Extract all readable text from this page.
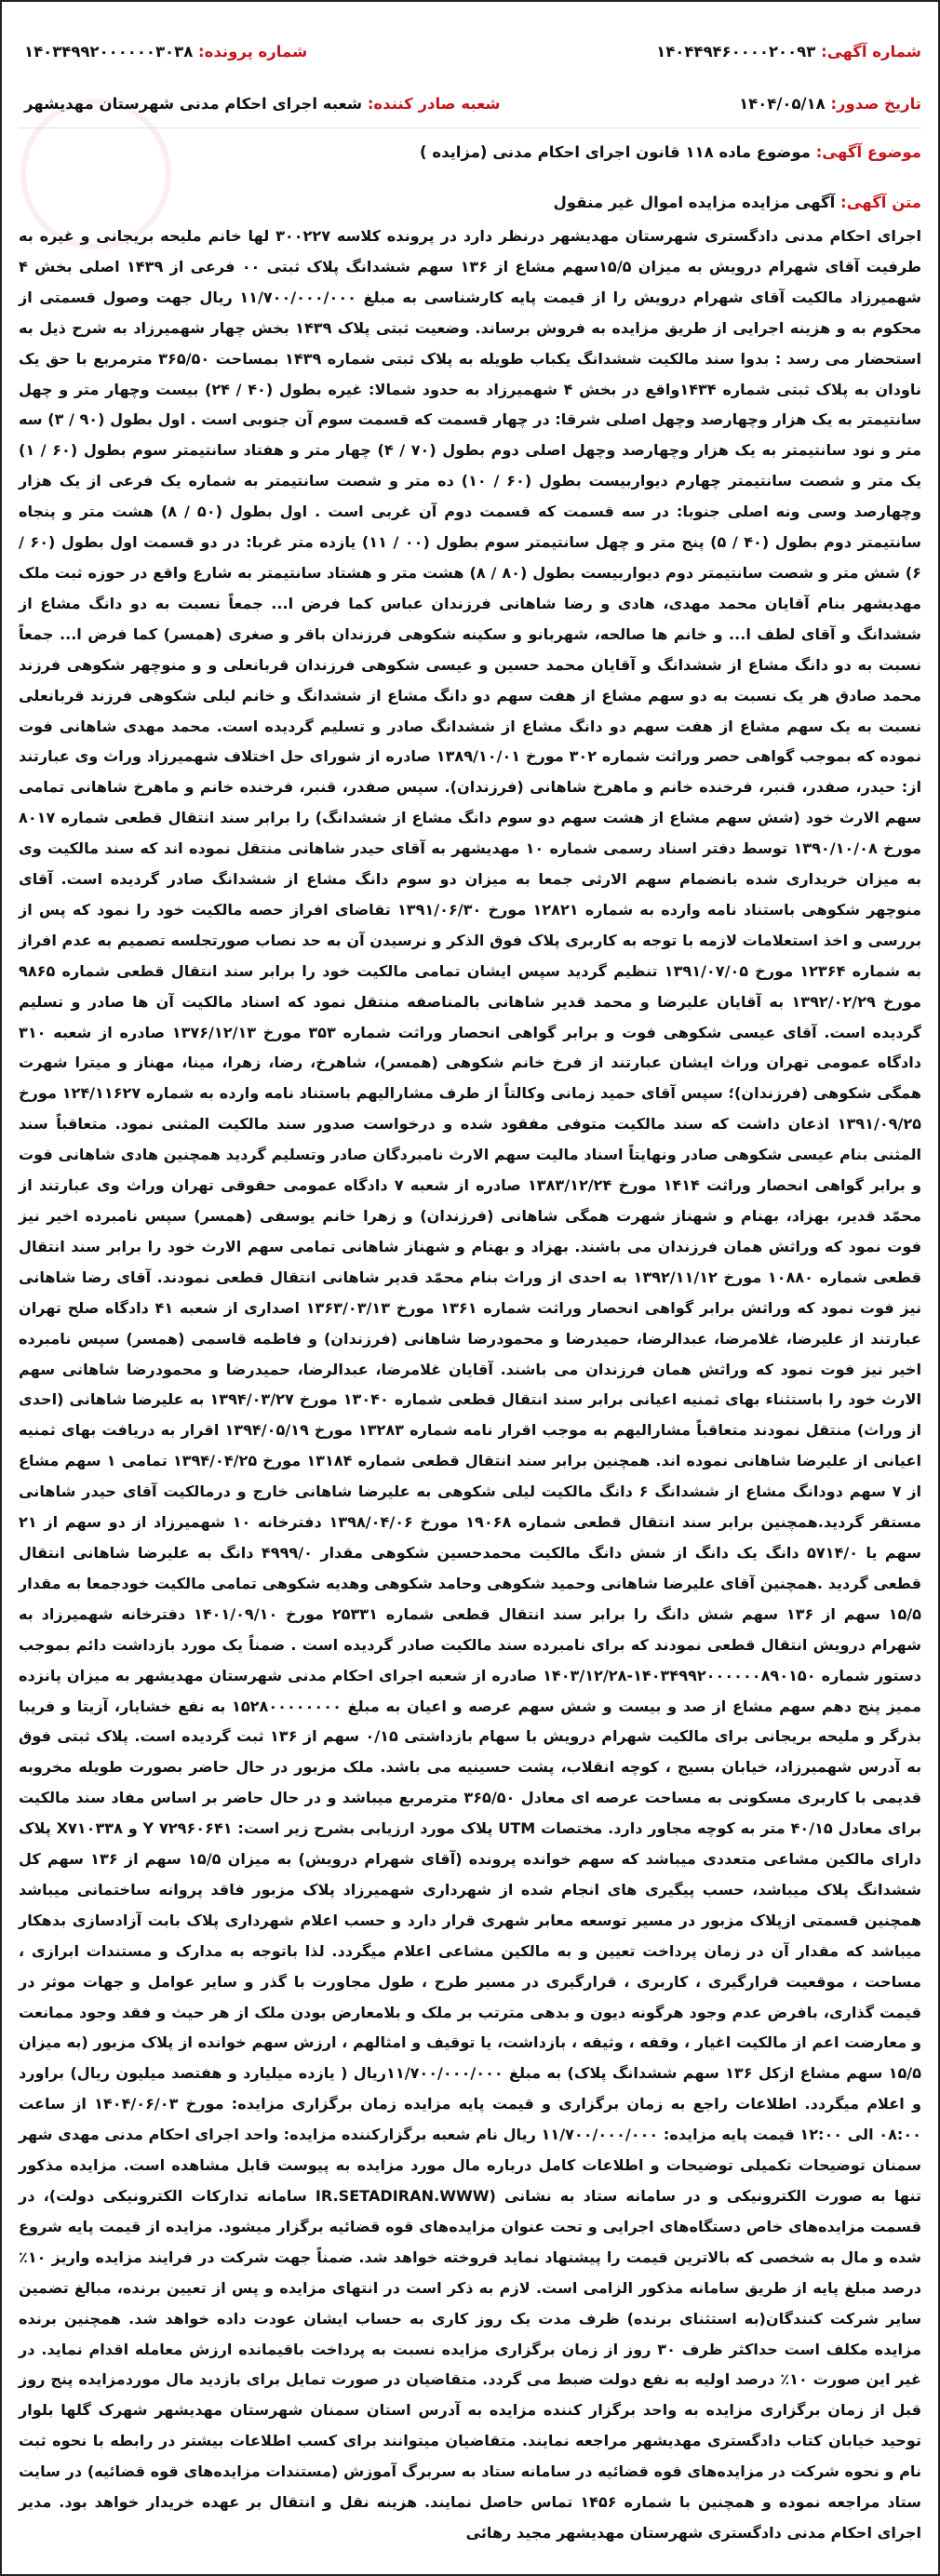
شماره آگهی: ۱۴۰۴۴۹۴۶۰۰۰۰۲۰۰۹۳
شماره پرونده: ۱۴۰۳۴۹۹۲۰۰۰۰۰۰۳۰۳۸
تاریخ صدور: ۱۴۰۴/۰۵/۱۸
شعبه صادر کننده: شعبه اجرای احکام مدنی شهرستان مهدیشهر
موضوع آگهی: موضوع ماده ۱۱۸ قانون اجرای احکام مدنی (مزایده )
متن آگهی: آگهی مزایده مزایده اموال غیر منقول
اجرای احکام مدنی دادگستری شهرستان مهدیشهر درنظر دارد در پرونده کلاسه ۳۰۰۲۲۷ لها خانم ملیحه بریجانی و غیره به طرفیت آقای شهرام درویش به میزان ۱۵/۵سهم مشاع از ۱۳۶ سهم ششدانگ پلاک ثبتی ۰۰ فرعی از ۱۴۳۹ اصلی بخش ۴ شهمیرزاد مالکیت آقای شهرام درویش را از قیمت پایه کارشناسی به مبلغ ۱۱/۷۰۰/۰۰۰/۰۰۰ ریال جهت وصول قسمتی از محکوم به و هزینه اجرایی از طریق مزایده به فروش برساند. وضعیت ثبتی پلاک ۱۴۳۹ بخش چهار شهمیرزاد به شرح ذیل به استحضار می رسد : بدوا سند مالکیت ششدانگ یکباب طویله به پلاک ثبتی شماره ۱۴۳۹ بمساحت ۳۶۵/۵۰ مترمربع با حق یک ناودان به پلاک ثبتی شماره ۱۴۳۴واقع در بخش ۴ شهمیرزاد به حدود شمالا: غیره بطول (۴۰ / ۲۴) بیست وچهار متر و چهل سانتیمتر به یک هزار وچهارصد وچهل اصلی شرقا: در چهار قسمت که قسمت سوم آن جنوبی است . اول بطول (۹۰ / ۳) سه متر و نود سانتیمتر به یک هزار وچهارصد وچهل اصلی دوم بطول (۷۰ / ۴) چهار متر و هفتاد سانتیمتر سوم بطول (۶۰ / ۱) یک متر و شصت سانتیمتر چهارم دیواربیست بطول (۶۰ / ۱۰) ده متر و شصت سانتیمتر به شماره یک فرعی از یک هزار وچهارصد وسی ونه اصلی جنوبا: در سه قسمت که قسمت دوم آن غربی است . اول بطول (۵۰ / ۸) هشت متر و پنجاه سانتیمتر دوم بطول (۴۰ / ۵) پنج متر و چهل سانتیمتر سوم بطول (۰۰ / ۱۱) یازده متر غربا: در دو قسمت اول بطول (۶۰ / ۶) شش متر و شصت سانتیمتر دوم دیواربیست بطول (۸۰ / ۸) هشت متر و هشتاد سانتیمتر به شارع واقع در حوزه ثبت ملک مهدیشهر بنام آقایان محمد مهدی، هادی و رضا شاهانی فرزندان عباس کما فرض ا... جمعاً نسبت به دو دانگ مشاع از ششدانگ و آقای لطف ا... و خانم ها صالحه، شهربانو و سکینه شکوهی فرزندان باقر و صغری (همسر) کما فرض ا... جمعاً نسبت به دو دانگ مشاع از ششدانگ و آقایان محمد حسین و عیسی شکوهی فرزندان قربانعلی و و منوچهر شکوهی فرزند محمد صادق هر یک نسبت به دو سهم مشاع از هفت سهم دو دانگ مشاع از ششدانگ و خانم لیلی شکوهی فرزند قربانعلی نسبت به یک سهم مشاع از هفت سهم دو دانگ مشاع از ششدانگ صادر و تسلیم گردیده است. محمد مهدی شاهانی فوت نموده که بموجب گواهی حصر وراثت شماره ۳۰۲ مورخ ۱۳۸۹/۱۰/۰۱ صادره از شورای حل اختلاف شهمیرزاد وراث وی عبارتند از: حیدر، صفدر، قنبر، فرخنده خانم و ماهرخ شاهانی (فرزندان). سپس صفدر، قنبر، فرخنده خانم و ماهرخ شاهانی تمامی سهم الارث خود (شش سهم مشاع از هشت سهم دو سوم دانگ مشاع از ششدانگ) را برابر سند انتقال قطعی شماره ۸۰۱۷ مورخ ۱۳۹۰/۱۰/۰۸ توسط دفتر اسناد رسمی شماره ۱۰ مهدیشهر به آقای حیدر شاهانی منتقل نموده اند که سند مالکیت وی به میزان خریداری شده بانضمام سهم الارثی جمعا به میزان دو سوم دانگ مشاع از ششدانگ صادر گردیده است. آقای منوچهر شکوهی باستناد نامه وارده به شماره ۱۲۸۲۱ مورخ ۱۳۹۱/۰۶/۳۰ تقاضای افراز حصه مالکیت خود را نمود که پس از بررسی و اخذ استعلامات لازمه با توجه به کاربری پلاک فوق الذکر و نرسیدن آن به حد نصاب صورتجلسه تصمیم به عدم افراز به شماره ۱۲۳۶۴ مورخ ۱۳۹۱/۰۷/۰۵ تنظیم گردید سپس ایشان تمامی مالکیت خود را برابر سند انتقال قطعی شماره ۹۸۶۵ مورخ ۱۳۹۲/۰۲/۲۹ به آقایان علیرضا و محمد قدیر شاهانی بالمناصفه منتقل نمود که اسناد مالکیت آن ها صادر و تسلیم گردیده است. آقای عیسی شکوهی فوت و برابر گواهی انحصار وراثت شماره ۳۵۳ مورخ ۱۳۷۶/۱۲/۱۳ صادره از شعبه ۳۱۰ دادگاه عمومی تهران وراث ایشان عبارتند از فرخ خانم شکوهی (همسر)، شاهرخ، رضا، زهرا، مینا، مهناز و میترا شهرت همگی شکوهی (فرزندان)؛ سپس آقای حمید زمانی وکالتاً از طرف مشارالیهم باستناد نامه وارده به شماره ۱۲۴/۱۱۶۲۷ مورخ ۱۳۹۱/۰۹/۲۵ اذعان داشت که سند مالکیت متوفی مفقود شده و درخواست صدور سند مالکیت المثنی نمود. متعاقباً سند المثنی بنام عیسی شکوهی صادر ونهایتاً اسناد مالیت سهم الارث نامبردگان صادر وتسلیم گردید همچنین هادی شاهانی فوت و برابر گواهی انحصار وراثت ۱۴۱۴ مورخ ۱۳۸۳/۱۲/۲۴ صادره از شعبه ۷ دادگاه عمومی حقوقی تهران وراث وی عبارتند از محمّد قدیر، بهزاد، بهنام و شهناز شهرت همگی شاهانی (فرزندان) و زهرا خانم یوسفی (همسر) سپس نامبرده اخیر نیز فوت نمود که وراثش همان فرزندان می باشند. بهزاد و بهنام و شهناز شاهانی تمامی سهم الارث خود را برابر سند انتقال قطعی شماره ۱۰۸۸۰ مورخ ۱۳۹۲/۱۱/۱۲ به احدی از وراث بنام محمّد قدیر شاهانی انتقال قطعی نمودند. آقای رضا شاهانی نیز فوت نمود که وراثش برابر گواهی انحصار وراثت شماره ۱۳۶۱ مورخ ۱۳۶۳/۰۳/۱۳ اصداری از شعبه ۴۱ دادگاه صلح تهران عبارتند از علیرضا، غلامرضا، عبدالرضا، حمیدرضا و محمودرضا شاهانی (فرزندان) و فاطمه قاسمی (همسر) سپس نامبرده اخیر نیز فوت نمود که وراثش همان فرزندان می باشند. آقایان غلامرضا، عبدالرضا، حمیدرضا و محمودرضا شاهانی سهم الارث خود را باستثناء بهای ثمنیه اعیانی برابر سند انتقال قطعی شماره ۱۳۰۴۰ مورخ ۱۳۹۴/۰۳/۲۷ به علیرضا شاهانی (احدی از وراث) منتقل نمودند متعاقباً مشارالیهم به موجب اقرار نامه شماره ۱۳۲۸۳ مورخ ۱۳۹۴/۰۵/۱۹ اقرار به دریافت بهای ثمنیه اعیانی از علیرضا شاهانی نموده اند. همچنین برابر سند انتقال قطعی شماره ۱۳۱۸۴ مورخ ۱۳۹۴/۰۴/۲۵ تمامی ۱ سهم مشاع از ۷ سهم دودانگ مشاع از ششدانگ ۶ دانگ مالکیت لیلی شکوهی به علیرضا شاهانی خارج و درمالکیت آقای حیدر شاهانی مستقر گردید.همچنین برابر سند انتقال قطعی شماره ۱۹۰۶۸ مورخ ۱۳۹۸/۰۴/۰۶ دفترخانه ۱۰ شهمیرزاد از دو سهم از ۲۱ سهم یا ۵۷۱۴/۰ دانگ یک دانگ از شش دانگ مالکیت محمدحسین شکوهی مقدار ۴۹۹۹/۰ دانگ به علیرضا شاهانی انتقال قطعی گردید .همچنین آقای علیرضا شاهانی وحمید شکوهی وحامد شکوهی وهدیه شکوهی تمامی مالکیت خودجمعا به مقدار ۱۵/۵ سهم از ۱۳۶ سهم شش دانگ را برابر سند انتقال قطعی شماره ۲۵۳۳۱ مورخ ۱۴۰۱/۰۹/۱۰ دفترخانه شهمیرزاد به شهرام درویش انتقال قطعی نمودند که برای نامبرده سند مالکیت صادر گردیده است . ضمناً یک مورد بازداشت دائم بموجب دستور شماره ۱۴۰۳۴۹۹۲۰۰۰۰۰۰۸۹۰۱۵۰-۱۴۰۳/۱۲/۲۸ صادره از شعبه اجرای احکام مدنی شهرستان مهدیشهر به میزان پانزده ممیز پنج دهم سهم مشاع از صد و بیست و شش سهم عرصه و اعیان به مبلغ ۱۵۲۸۰۰۰۰۰۰۰۰ به نفع خشایار، آزیتا و فریبا بذرگر و ملیحه بریجانی برای مالکیت شهرام درویش با سهام بازداشتی ۰/۱۵ سهم از ۱۳۶ ثبت گردیده است. پلاک ثبتی فوق به آدرس شهمیرزاد، خیابان بسیج ، کوچه انقلاب، پشت حسینیه می باشد. ملک مزبور در حال حاضر بصورت طویله مخروبه قدیمی با کاربری مسکونی به مساحت عرصه ای معادل ۳۶۵/۵۰ مترمربع میباشد و در حال حاضر بر اساس مفاد سند مالکیت برای معادل ۴۰/۱۵ متر به کوچه مجاور دارد. مختصات UTM پلاک مورد ارزیابی بشرح زیر است: ۷۲۹۶۰۶۴۱ Y و X۷۱۰۳۳۸ پلاک دارای مالکین مشاعی متعددی میباشد که سهم خوانده پرونده (آقای شهرام درویش) به میزان ۱۵/۵ سهم از ۱۳۶ سهم کل ششدانگ پلاک میباشد، حسب پیگیری های انجام شده از شهرداری شهمیرزاد پلاک مزبور فاقد پروانه ساختمانی میباشد همچنین قسمتی ازپلاک مزبور در مسیر توسعه معابر شهری قرار دارد و حسب اعلام شهرداری پلاک بابت آزادسازی بدهکار میباشد که مقدار آن در زمان پرداخت تعیین و به مالکین مشاعی اعلام میگردد. لذا باتوجه به مدارک و مستندات ابرازی ، مساحت ، موقعیت قرارگیری ، کاربری ، قرارگیری در مسیر طرح ، طول مجاورت با گذر و سایر عوامل و جهات موثر در قیمت گذاری، بافرض عدم وجود هرگونه دیون و بدهی مترتب بر ملک و بلامعارض بودن ملک از هر حیث و فقد وجود ممانعت و معارضت اعم از مالکیت اغیار ، وقفه ، وثیقه ، بازداشت، یا توقیف و امثالهم ، ارزش سهم خوانده از پلاک مزبور (به میزان ۱۵/۵ سهم مشاع ازکل ۱۳۶ سهم ششدانگ پلاک) به مبلغ ۱۱/۷۰۰/۰۰۰/۰۰۰ریال ( یازده میلیارد و هفتصد میلیون ریال) براورد و اعلام میگردد. اطلاعات راجع به زمان برگزاری و قیمت پایه مزایده زمان برگزاری مزایده: مورخ ۱۴۰۴/۰۶/۰۳ از ساعت ۰۸:۰۰ الی ۱۲:۰۰ قیمت پایه مزایده: ۱۱/۷۰۰/۰۰۰/۰۰۰ ریال نام شعبه برگزارکننده مزایده: واحد اجرای احکام مدنی مهدی شهر سمنان توضیحات تکمیلی توضیحات و اطلاعات کامل درباره مال مورد مزایده به پیوست قابل مشاهده است. مزایده مذکور تنها به صورت الکترونیکی و در سامانه ستاد به نشانی (IR.SETADIRAN.WWW سامانه تدارکات الکترونیکی دولت)، در قسمت مزایده‌های خاص دستگاه‌های اجرایی و تحت عنوان مزایده‌های قوه قضائیه برگزار میشود. مزایده از قیمت پایه شروع شده و مال به شخصی که بالاترین قیمت را پیشنهاد نماید فروخته خواهد شد. ضمناً جهت شرکت در فرایند مزایده واریز ۱۰٪ درصد مبلغ پایه از طریق سامانه مذکور الزامی است. لازم به ذکر است در انتهای مزایده و پس از تعیین برنده، مبالغ تضمین سایر شرکت کنندگان(به استثنای برنده) ظرف مدت یک روز کاری به حساب ایشان عودت داده خواهد شد. همچنین برنده مزایده مکلف است حداکثر ظرف ۳۰ روز از زمان برگزاری مزایده نسبت به پرداخت باقیمانده ارزش معامله اقدام نماید. در غیر این صورت ۱۰٪ درصد اولیه به نفع دولت ضبط می گردد. متقاضیان در صورت تمایل برای بازدید مال موردمزایده پنج روز قبل از زمان برگزاری مزایده به واحد برگزار کننده مزایده به آدرس استان سمنان شهرستان مهدیشهر شهرک گلها بلوار توحید خیابان کتاب دادگستری مهدیشهر مراجعه نمایند. متقاضیان میتوانند برای کسب اطلاعات بیشتر در رابطه با نحوه ثبت نام و نحوه شرکت در مزایده‌های قوه قضائیه در سامانه ستاد به سربرگ آموزش (مستندات مزایده‌های قوه قضائیه) در سایت ستاد مراجعه نموده و همچنین با شماره ۱۴۵۶ تماس حاصل نمایند. هزینه نقل و انتقال بر عهده خریدار خواهد بود. مدیر اجرای احکام مدنی دادگستری شهرستان مهدیشهر مجید رهائی
